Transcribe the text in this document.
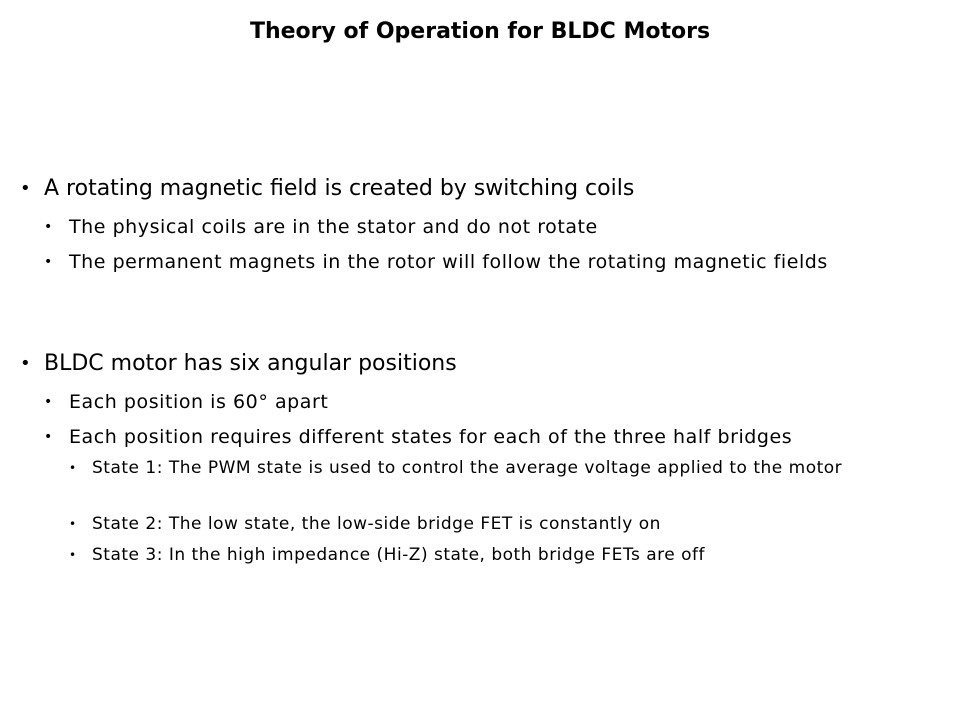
Theory of Operation for BLDC Motors
• A rotating magnetic field is created by switching coils
• The physical coils are in the stator and do not rotate
• The permanent magnets in the rotor will follow the rotating magnetic fields
• BLDC motor has six angular positions
• Each position is 60° apart
• Each position requires different states for each of the three half bridges
• State 1: The PWM state is used to control the average voltage applied to the motor
• State 2: The low state, the low-side bridge FET is constantly on
• State 3: In the high impedance (Hi-Z) state, both bridge FETs are off
